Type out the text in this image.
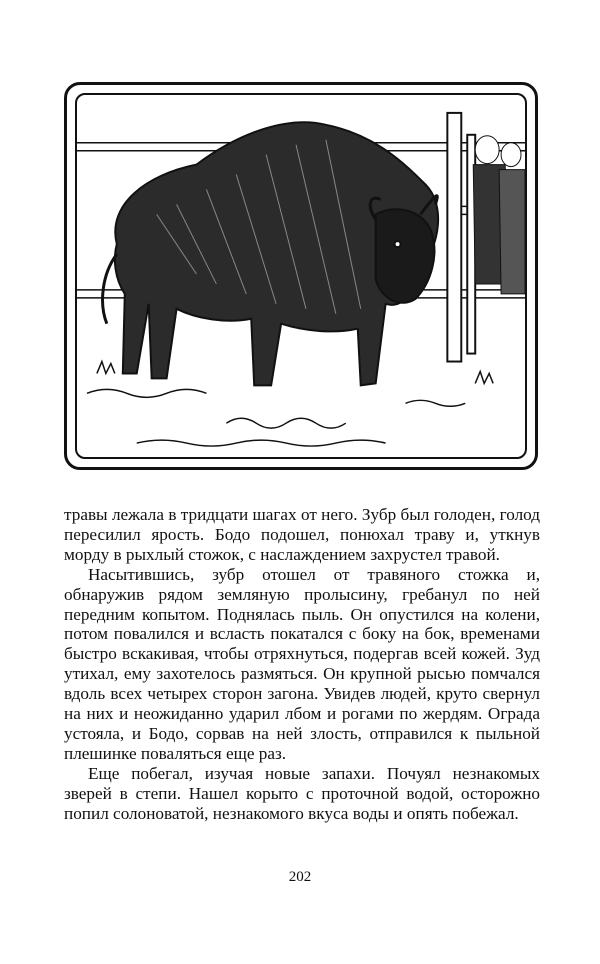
травы лежала в тридцати шагах от него. Зубр был голоден, голод пересилил ярость. Бодо подошел, понюхал траву и, уткнув морду в рыхлый стожок, с наслаждением захрустел травой.

Насытившись, зубр отошел от травяного стожка и, обнаружив рядом земляную пролысину, гребанул по ней передним копытом. Поднялась пыль. Он опустился на колени, потом повалился и всласть покатался с боку на бок, временами быстро вскакивая, чтобы отряхнуться, подергав всей кожей. Зуд утихал, ему захотелось размяться. Он крупной рысью помчался вдоль всех четырех сторон загона. Увидев людей, круто свернул на них и неожиданно ударил лбом и рогами по жердям. Ограда устояла, и Бодо, сорвав на ней злость, отправился к пыльной плешинке поваляться еще раз.

Еще побегал, изучая новые запахи. Почуял незнакомых зверей в степи. Нашел корыто с проточной водой, осторожно попил солоноватой, незнакомого вкуса воды и опять побежал.

202
